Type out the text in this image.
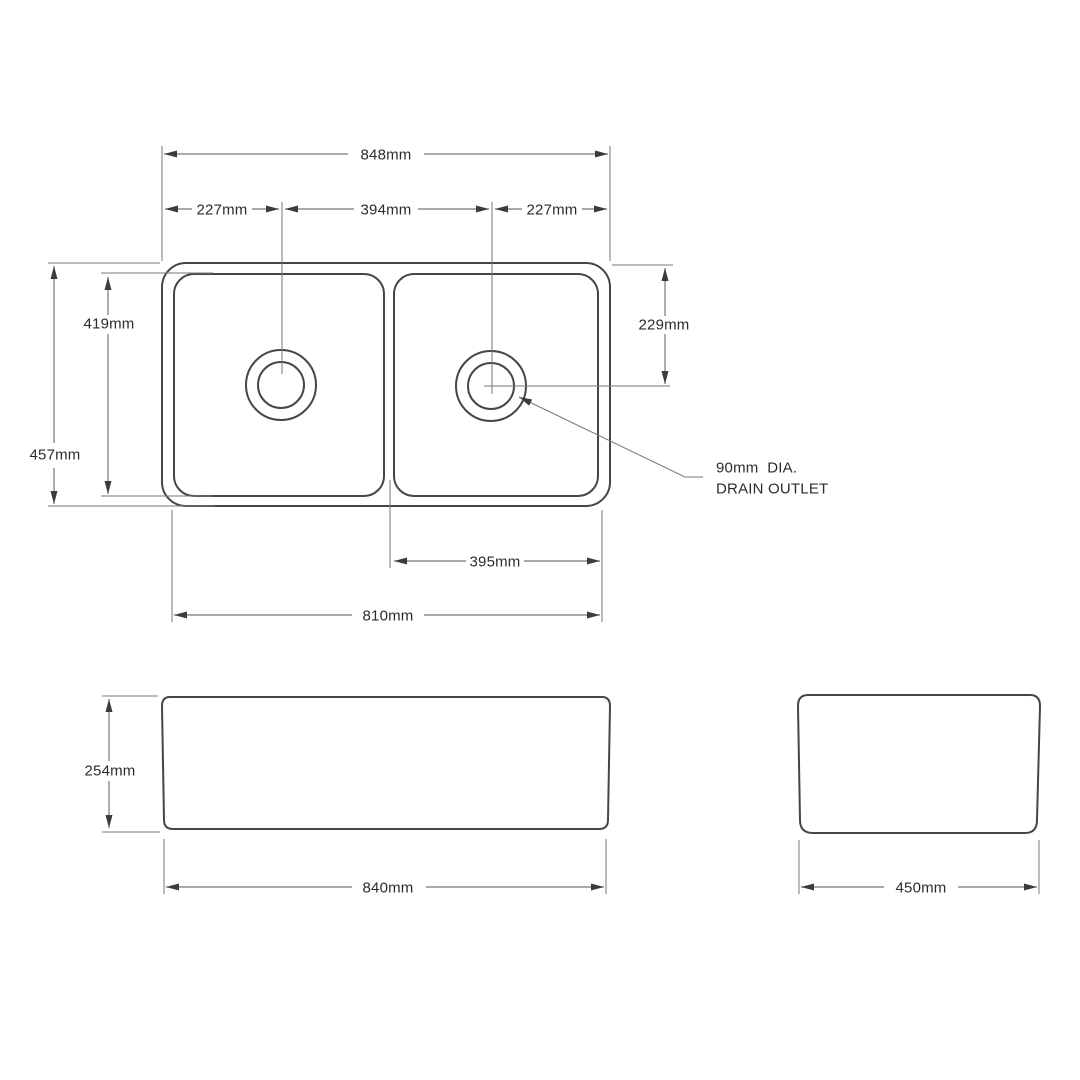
848mm
227mm	394mm	227mm
419mm
457mm
229mm
395mm
810mm
90mm  DIA.
DRAIN OUTLET
254mm
840mm	450mm
